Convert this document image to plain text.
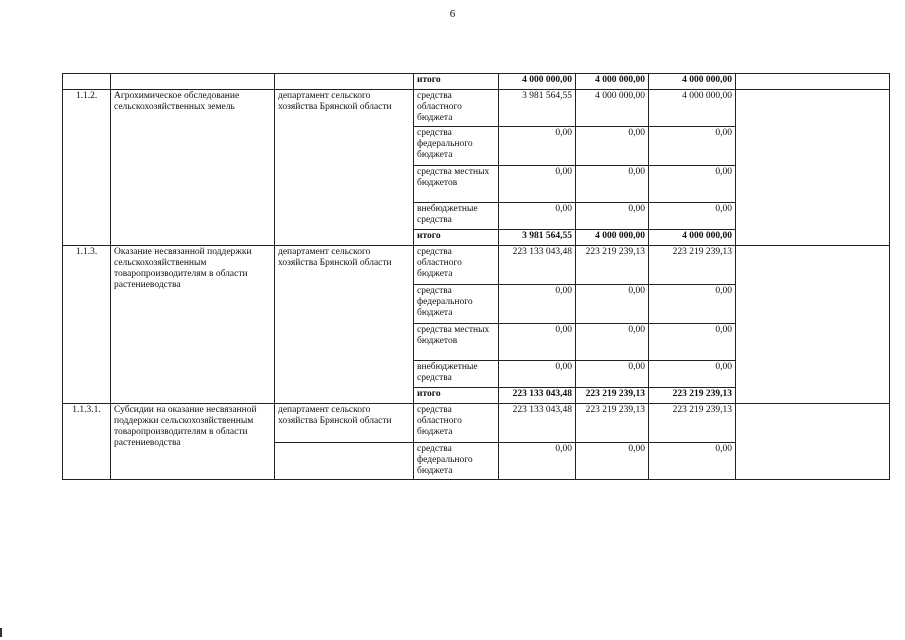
6
			итого	4 000 000,00	4 000 000,00	4 000 000,00	
1.1.2.	Агрохимическое обследование сельскохозяйственных земель	департамент сельского хозяйства Брянской области	средства областного бюджета	3 981 564,55	4 000 000,00	4 000 000,00	
			средства федерального бюджета	0,00	0,00	0,00	
			средства местных бюджетов	0,00	0,00	0,00	
			внебюджетные средства	0,00	0,00	0,00	
			итого	3 981 564,55	4 000 000,00	4 000 000,00	
1.1.3.	Оказание несвязанной поддержки сельскохозяйственным товаропроизводителям в области растениеводства	департамент сельского хозяйства Брянской области	средства областного бюджета	223 133 043,48	223 219 239,13	223 219 239,13	
			средства федерального бюджета	0,00	0,00	0,00	
			средства местных бюджетов	0,00	0,00	0,00	
			внебюджетные средства	0,00	0,00	0,00	
			итого	223 133 043,48	223 219 239,13	223 219 239,13	
1.1.3.1.	Субсидии на оказание несвязанной поддержки сельскохозяйственным товаропроизводителям в области растениеводства	департамент сельского хозяйства Брянской области	средства областного бюджета	223 133 043,48	223 219 239,13	223 219 239,13	
			средства федерального бюджета	0,00	0,00	0,00	
